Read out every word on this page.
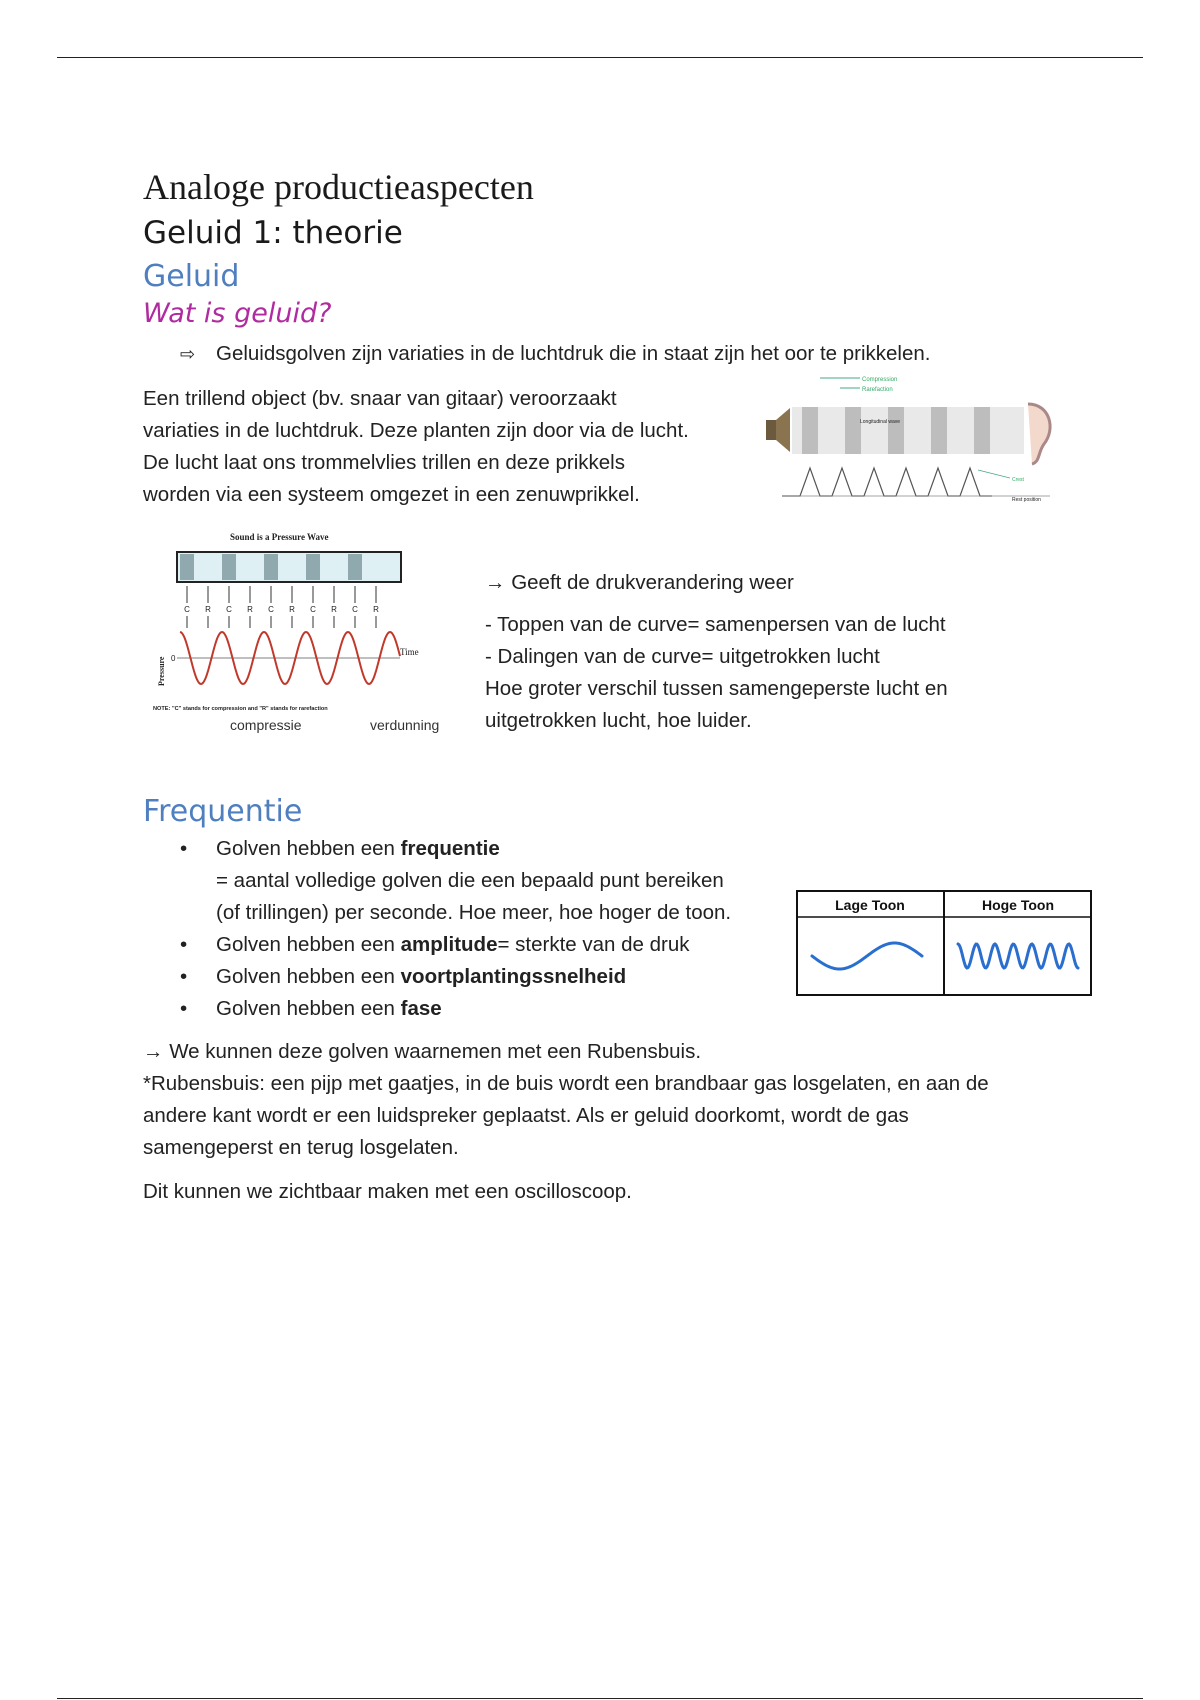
Analoge productieaspecten
Geluid 1: theorie
Geluid
Wat is geluid?
⇨ Geluidsgolven zijn variaties in de luchtdruk die in staat zijn het oor te prikkelen.
Een trillend object (bv. snaar van gitaar) veroorzaakt
variaties in de luchtdruk. Deze planten zijn door via de lucht.
De lucht laat ons trommelvlies trillen en deze prikkels
worden via een systeem omgezet in een zenuwprikkel.
Compression
Rarefaction
Longitudinal wave
Crest
Rest position
Sound is a Pressure Wave
C R C R C R C R C R
Pressure 0
Time
NOTE: "C" stands for compression and "R" stands for rarefaction
compressie	verdunning
→ Geeft de drukverandering weer
- Toppen van de curve= samenpersen van de lucht
- Dalingen van de curve= uitgetrokken lucht
Hoe groter verschil tussen samengeperste lucht en
uitgetrokken lucht, hoe luider.
Frequentie
• Golven hebben een frequentie
= aantal volledige golven die een bepaald punt bereiken
(of trillingen) per seconde. Hoe meer, hoe hoger de toon.
• Golven hebben een amplitude= sterkte van de druk
• Golven hebben een voortplantingssnelheid
• Golven hebben een fase
Lage Toon	Hoge Toon
→ We kunnen deze golven waarnemen met een Rubensbuis.
*Rubensbuis: een pijp met gaatjes, in de buis wordt een brandbaar gas losgelaten, en aan de
andere kant wordt er een luidspreker geplaatst. Als er geluid doorkomt, wordt de gas
samengeperst en terug losgelaten.
Dit kunnen we zichtbaar maken met een oscilloscoop.
